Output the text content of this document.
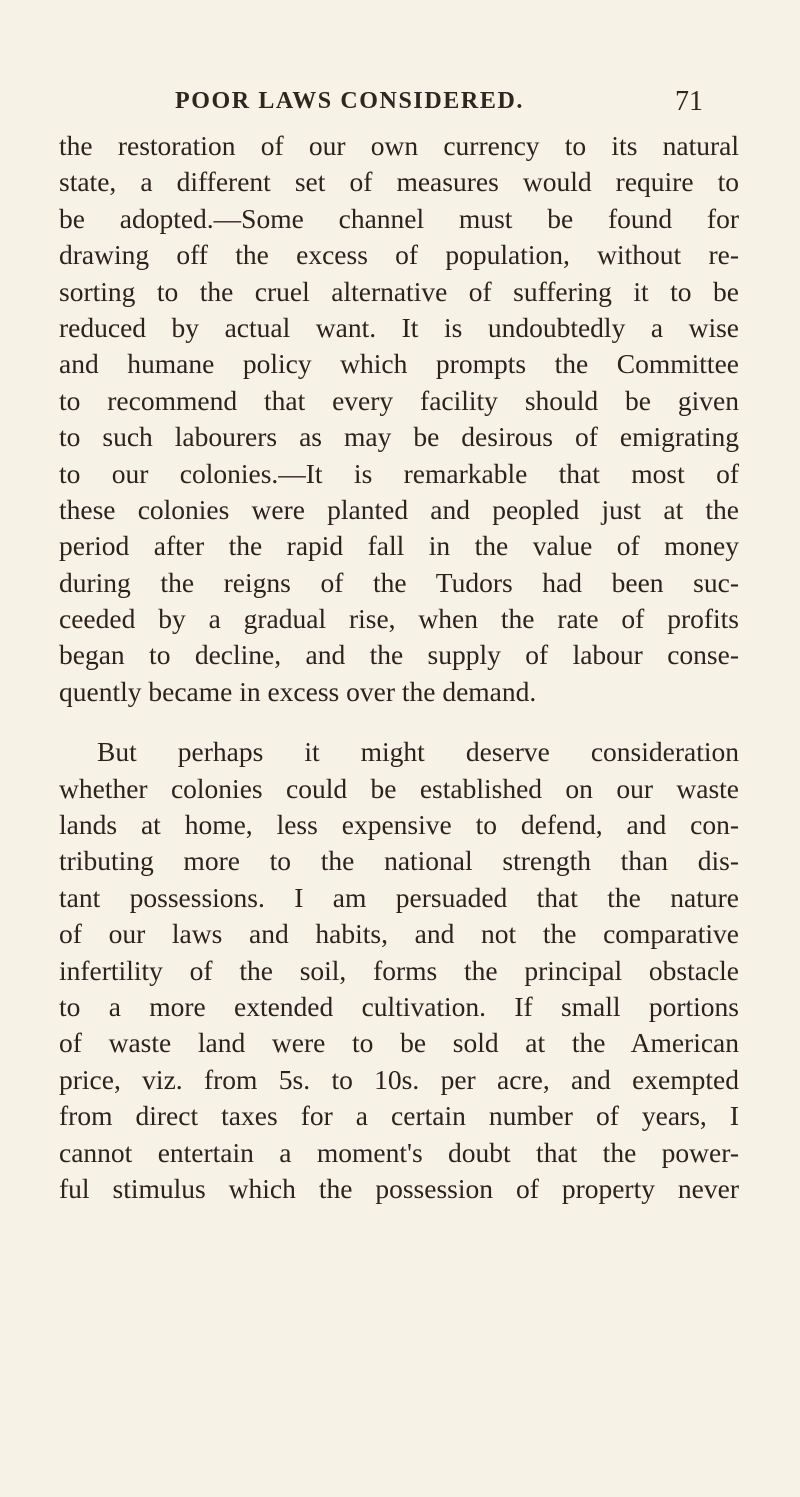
POOR LAWS CONSIDERED.	71
the restoration of our own currency to its natural
state, a different set of measures would require to
be adopted.—Some channel must be found for
drawing off the excess of population, without re-
sorting to the cruel alternative of suffering it to be
reduced by actual want. It is undoubtedly a wise
and humane policy which prompts the Committee
to recommend that every facility should be given
to such labourers as may be desirous of emigrating
to our colonies.—It is remarkable that most of
these colonies were planted and peopled just at the
period after the rapid fall in the value of money
during the reigns of the Tudors had been suc-
ceeded by a gradual rise, when the rate of profits
began to decline, and the supply of labour conse-
quently became in excess over the demand.
But perhaps it might deserve consideration
whether colonies could be established on our waste
lands at home, less expensive to defend, and con-
tributing more to the national strength than dis-
tant possessions. I am persuaded that the nature
of our laws and habits, and not the comparative
infertility of the soil, forms the principal obstacle
to a more extended cultivation. If small portions
of waste land were to be sold at the American
price, viz. from 5s. to 10s. per acre, and exempted
from direct taxes for a certain number of years, I
cannot entertain a moment's doubt that the power-
ful stimulus which the possession of property never
